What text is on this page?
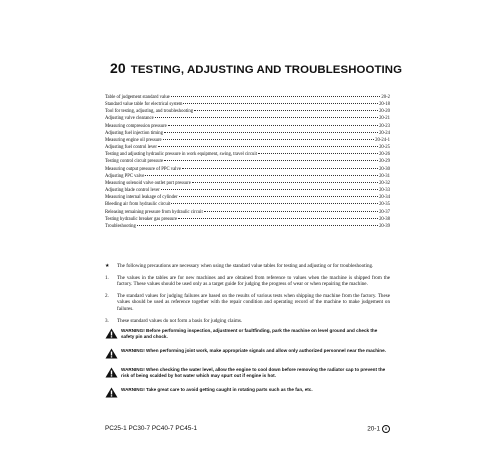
20 TESTING, ADJUSTING AND TROUBLESHOOTING
Table of judgement standard value	20-2
Standard value table for electrical system	20-18
Tool for testing, adjusting, and troubleshooting	20-20
Adjusting valve clearance	20-21
Measuring compression pressure	20-23
Adjusting fuel injection timing	20-24
Measuring engine oil pressure	20-24-1
Adjusting fuel control lever	20-25
Testing and adjusting hydraulic pressure in work equipment, swing, travel circuit	20-26
Testing control circuit pressure	20-29
Measuring output pressure of PPC valve	20-30
Adjusting PPC valve	20-31
Measuring solenoid valve outlet port pressure	20-32
Adjusting blade control lever	20-33
Measuring internal leakage of cylinder	20-34
Bleeding air from hydraulic circuit	20-35
Releasing remaining pressure from hydraulic circuit	20-37
Testing hydraulic breaker gas pressure	20-38
Troubleshooting	20-39
★	The following precautions are necessary when using the standard value tables for testing and adjusting or for troubleshooting.
1.	The values in the tables are for new machines and are obtained from reference to values when the machine is shipped from the factory. These values should be used only as a target guide for judging the progress of wear or when repairing the machine.
2.	The standard values for judging failures are based on the results of various tests when shipping the machine from the factory. These values should be used as reference together with the repair condition and operating record of the machine to make judgement on failures.
3.	These standard values do not form a basis for judging claims.
WARNING! Before performing inspection, adjustment or faultfinding, park the machine on level ground and check the safety pin and chock.
WARNING! When performing joint work, make appropriate signals and allow only authorized personnel near the machine.
WARNING! When checking the water level, allow the engine to cool down before removing the radiator cap to prevent the risk of being scalded by hot water which may spurt out if engine is hot.
WARNING! Take great care to avoid getting caught in rotating parts such as the fan, etc.
PC25-1 PC30-7 PC40-7 PC45-1	20-1 8
